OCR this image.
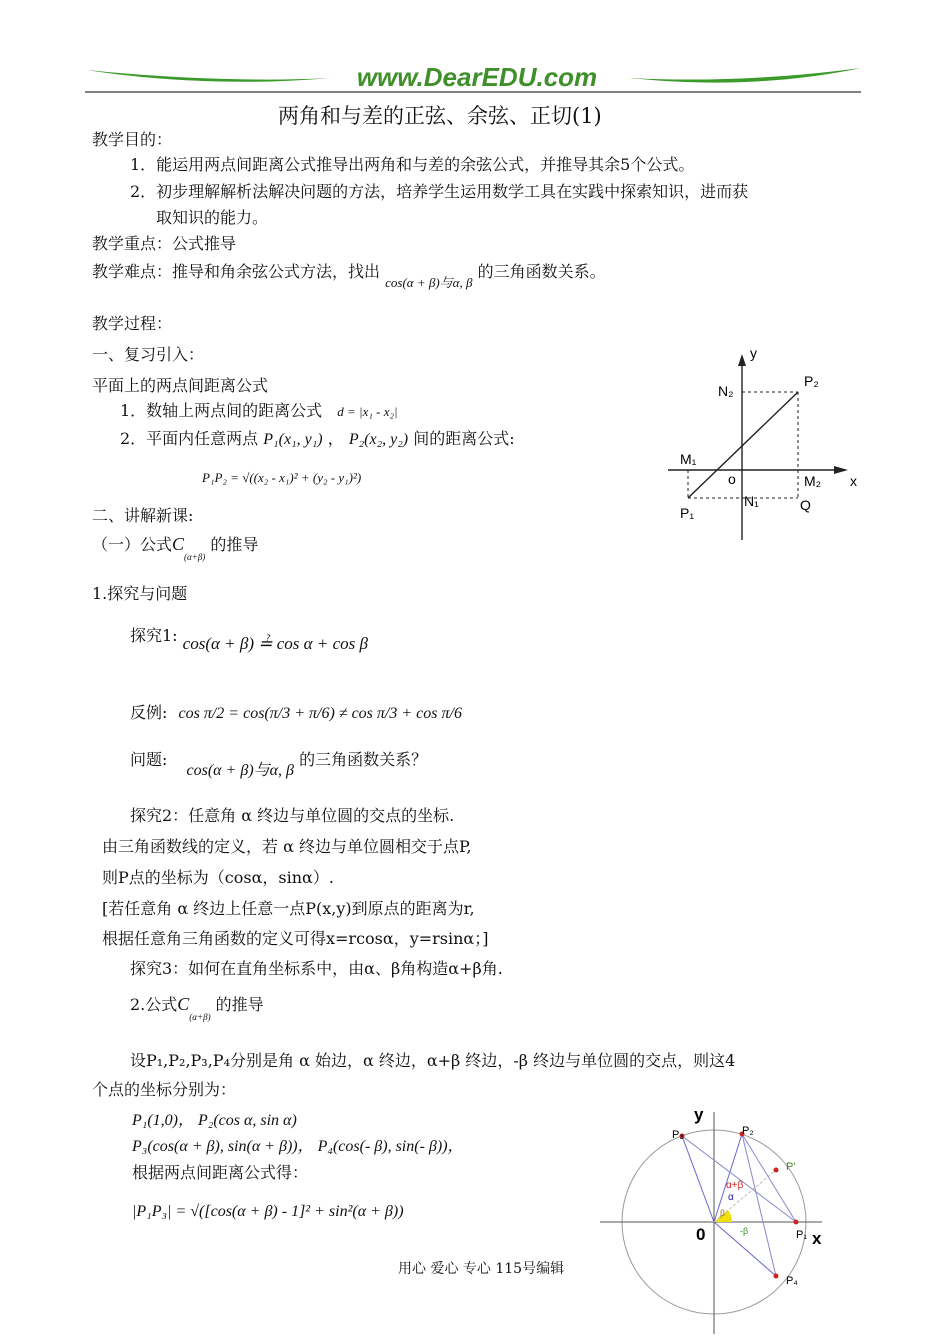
www.DearEDU.com
两角和与差的正弦、余弦、正切(1)
教学目的：
1．能运用两点间距离公式推导出两角和与差的余弦公式，并推导其余5个公式。
2．初步理解解析法解决问题的方法，培养学生运用数学工具在实践中探索知识，进而获
取知识的能力。
教学重点：公式推导
教学难点：推导和角余弦公式方法，找出 $_{cos(\alpha + \beta)与\alpha, \beta}$ 的三角函数关系。
教学过程：
一、复习引入：
平面上的两点间距离公式
1．数轴上两点间的距离公式 d = |x₁ - x₂|
2．平面内任意两点 P₁(x₁, y₁) ， P₂(x₂, y₂) 间的距离公式:
P₁P₂ = √((x₂ - x₁)² + (y₂ - y₁)²)
y
x
o
N₂
P₂
M₁
M₂
N₁
P₁	Q
二、讲解新课:
（一）公式$C_{(\alpha+\beta)}$ 的推导
1.探究与问题
探究1: cos(α + β) ≟ cos α + cos β
反例: cos π/2 = cos(π/3 + π/6) ≠ cos π/3 + cos π/6
问题: cos(α + β)与α, β 的三角函数关系？
探究2：任意角 α 终边与单位圆的交点的坐标.
由三角函数线的定义，若 α 终边与单位圆相交于点P,
则P点的坐标为（cosα，sinα）.
[若任意角 α 终边上任意一点P(x,y)到原点的距离为r,
根据任意角三角函数的定义可得x=rcosα，y=rsinα；]
探究3：如何在直角坐标系中，由α、β角构造α+β角.
2.公式$C_{(\alpha+\beta)}$ 的推导
设P₁,P₂,P₃,P₄分别是角 α 始边，α 终边，α+β 终边，-β 终边与单位圆的交点，则这4
个点的坐标分别为：
P₁(1,0)， P₂(cos α, sin α)
P₃(cos(α + β), sin(α + β))， P₄(cos(- β), sin(- β))，
根据两点间距离公式得：
|P₁P₃| = √([cos(α + β) - 1]² + sin²(α + β))
y
x
0	P₁
P₂
P₃
P₄
P'
α+β
α
β
-β
用心 爱心 专心 115号编辑
